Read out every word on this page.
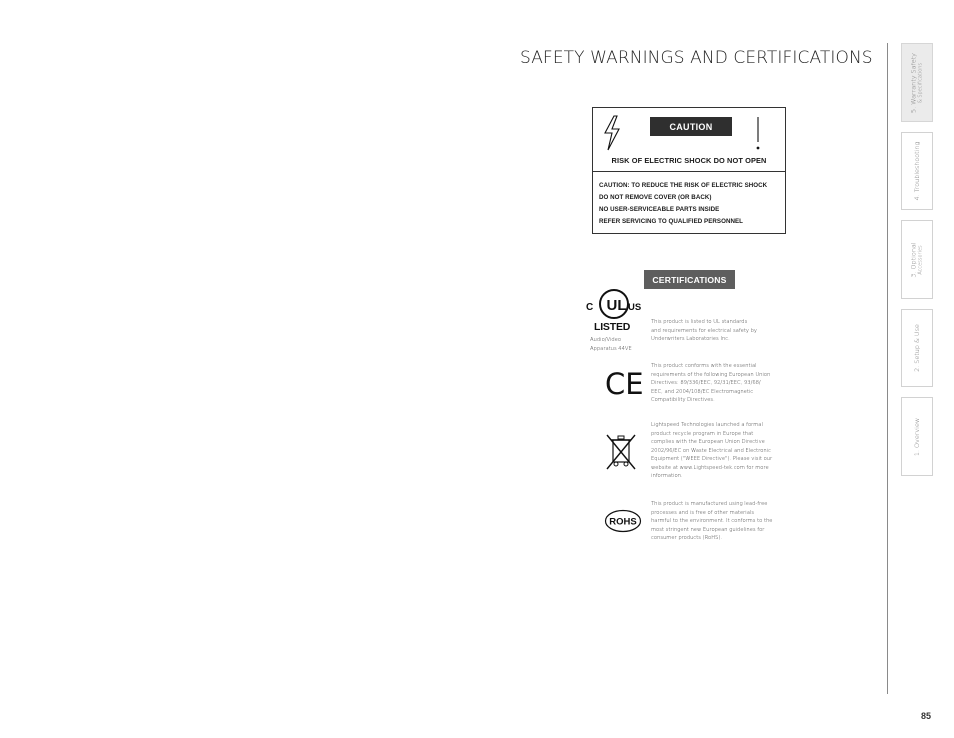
SAFETY WARNINGS AND CERTIFICATIONS
CAUTION
RISK OF ELECTRIC SHOCK DO NOT OPEN
CAUTION: TO REDUCE THE RISK OF ELECTRIC SHOCK
DO NOT REMOVE COVER (OR BACK)
NO USER-SERVICEABLE PARTS INSIDE
REFER SERVICING TO QUALIFIED PERSONNEL
CERTIFICATIONS
C UL US
LISTED
Audio/Video
Apparatus 44VE
This product is listed to UL standards
and requirements for electrical safety by
Underwriters Laboratories Inc.
CE
This product conforms with the essential
requirements of the following European Union
Directives: 89/336/EEC, 92/31/EEC, 93/68/
EEC, and 2004/108/EC Electromagnetic
Compatibility Directives.
Lightspeed Technologies launched a formal
product recycle program in Europe that
complies with the European Union Directive
2002/96/EC on Waste Electrical and Electronic
Equipment ("WEEE Directive"). Please visit our
website at www.Lightspeed-tek.com for more
information.
ROHS
This product is manufactured using lead-free
processes and is free of other materials
harmful to the environment. It conforms to the
most stringent new European guidelines for
consumer products (RoHS).
5. Warranty Safety & Specifications
4. Troubleshooting
3. Optional Accessories
2. Setup & Use
1. Overview
85
